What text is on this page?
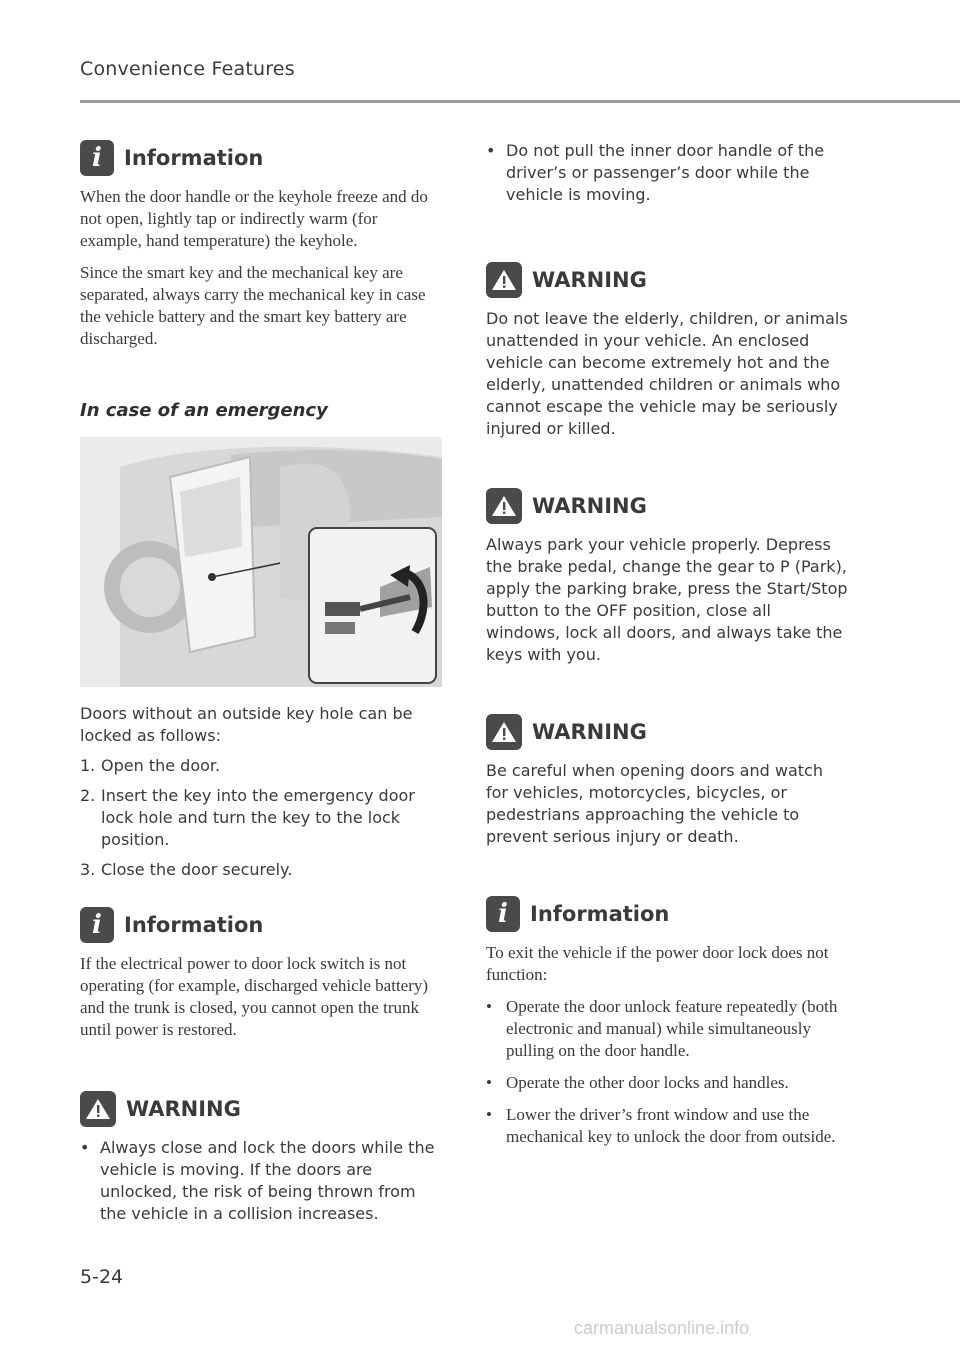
Convenience Features
i	Information

When the door handle or the keyhole freeze and do not open, lightly tap or indirectly warm (for example, hand temperature) the keyhole.

Since the smart key and the mechanical key are separated, always carry the mechanical key in case the vehicle battery and the smart key battery are discharged.

In case of an emergency

Doors without an outside key hole can be locked as follows:

1. Open the door.
2. Insert the key into the emergency door lock hole and turn the key to the lock position.
3. Close the door securely.
i	Information

If the electrical power to door lock switch is not operating (for example, discharged vehicle battery) and the trunk is closed, you cannot open the trunk until power is restored.

WARNING
• Always close and lock the doors while the vehicle is moving. If the doors are unlocked, the risk of being thrown from the vehicle in a collision increases.
• Do not pull the inner door handle of the driver’s or passenger’s door while the vehicle is moving.
WARNING

Do not leave the elderly, children, or animals unattended in your vehicle. An enclosed vehicle can become extremely hot and the elderly, unattended children or animals who cannot escape the vehicle may be seriously injured or killed.

WARNING

Always park your vehicle properly. Depress the brake pedal, change the gear to P (Park), apply the parking brake, press the Start/Stop button to the OFF position, close all windows, lock all doors, and always take the keys with you.

WARNING

Be careful when opening doors and watch for vehicles, motorcycles, bicycles, or pedestrians approaching the vehicle to prevent serious injury or death.

i	Information

To exit the vehicle if the power door lock does not function:

• Operate the door unlock feature repeatedly (both electronic and manual) while simultaneously pulling on the door handle.
• Operate the other door locks and handles.
• Lower the driver’s front window and use the mechanical key to unlock the door from outside.
5-24
carmanualsonline.info
